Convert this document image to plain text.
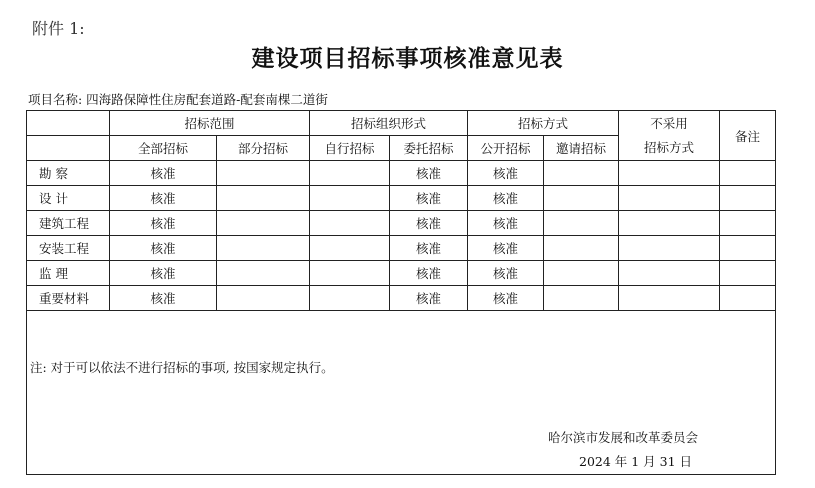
附件 1:
建设项目招标事项核准意见表
项目名称: 四海路保障性住房配套道路-配套南棵二道街
	招标范围		招标组织形式		招标方式		不采用
招标方式	备注
	全部招标	部分招标	自行招标	委托招标	公开招标	邀请招标		
勘 察	核准			核准	核准			
设 计	核准			核准	核准			
建筑工程	核准			核准	核准			
安装工程	核准			核准	核准			
监 理	核准			核准	核准			
重要材料	核准			核准	核准			

注: 对于可以依法不进行招标的事项, 按国家规定执行。
哈尔滨市发展和改革委员会
2024 年 1 月 31 日
